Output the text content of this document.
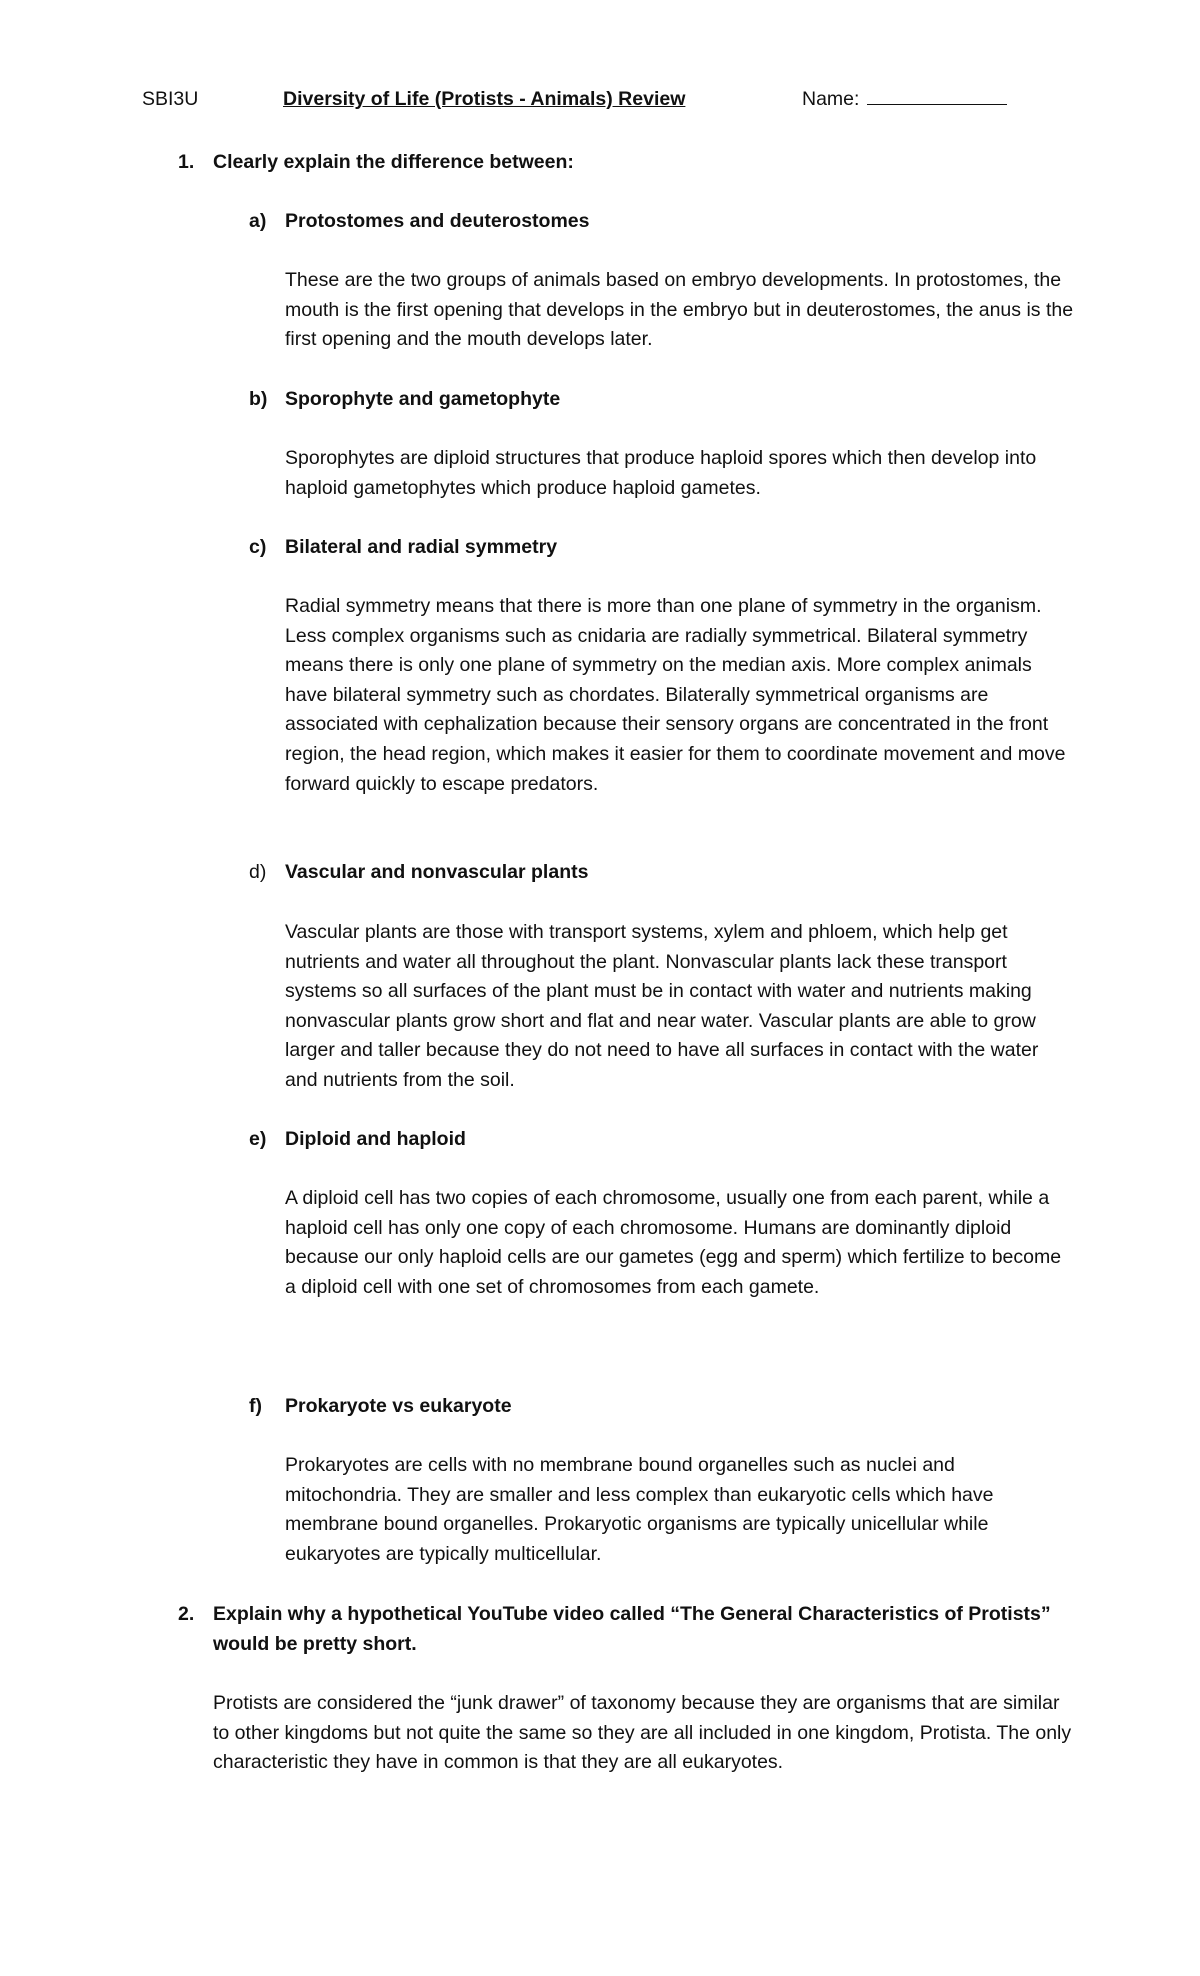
SBI3U	Diversity of Life (Protists - Animals) Review	Name:
1. Clearly explain the difference between:
a) Protostomes and deuterostomes

These are the two groups of animals based on embryo developments. In protostomes, the mouth is the first opening that develops in the embryo but in deuterostomes, the anus is the first opening and the mouth develops later.

b) Sporophyte and gametophyte

Sporophytes are diploid structures that produce haploid spores which then develop into haploid gametophytes which produce haploid gametes.

c) Bilateral and radial symmetry

Radial symmetry means that there is more than one plane of symmetry in the organism. Less complex organisms such as cnidaria are radially symmetrical. Bilateral symmetry means there is only one plane of symmetry on the median axis. More complex animals have bilateral symmetry such as chordates. Bilaterally symmetrical organisms are associated with cephalization because their sensory organs are concentrated in the front region, the head region, which makes it easier for them to coordinate movement and move forward quickly to escape predators.

d) Vascular and nonvascular plants

Vascular plants are those with transport systems, xylem and phloem, which help get nutrients and water all throughout the plant. Nonvascular plants lack these transport systems so all surfaces of the plant must be in contact with water and nutrients making nonvascular plants grow short and flat and near water. Vascular plants are able to grow larger and taller because they do not need to have all surfaces in contact with the water and nutrients from the soil.

e) Diploid and haploid

A diploid cell has two copies of each chromosome, usually one from each parent, while a haploid cell has only one copy of each chromosome. Humans are dominantly diploid because our only haploid cells are our gametes (egg and sperm) which fertilize to become a diploid cell with one set of chromosomes from each gamete.

f) Prokaryote vs eukaryote

Prokaryotes are cells with no membrane bound organelles such as nuclei and mitochondria. They are smaller and less complex than eukaryotic cells which have membrane bound organelles. Prokaryotic organisms are typically unicellular while eukaryotes are typically multicellular.

2. Explain why a hypothetical YouTube video called “The General Characteristics of Protists” would be pretty short.

Protists are considered the “junk drawer” of taxonomy because they are organisms that are similar to other kingdoms but not quite the same so they are all included in one kingdom, Protista. The only characteristic they have in common is that they are all eukaryotes.
